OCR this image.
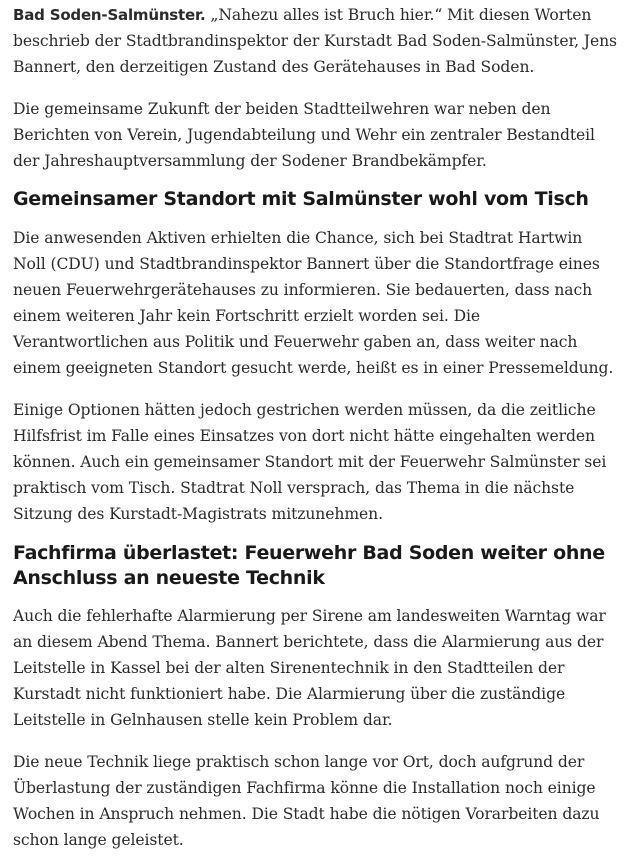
Bad Soden-Salmünster. „Nahezu alles ist Bruch hier.“ Mit diesen Worten beschrieb der Stadtbrandinspektor der Kurstadt Bad Soden-Salmünster, Jens Bannert, den derzeitigen Zustand des Gerätehauses in Bad Soden.

Die gemeinsame Zukunft der beiden Stadtteilwehren war neben den Berichten von Verein, Jugendabteilung und Wehr ein zentraler Bestandteil der Jahreshauptversammlung der Sodener Brandbekämpfer.

Gemeinsamer Standort mit Salmünster wohl vom Tisch

Die anwesenden Aktiven erhielten die Chance, sich bei Stadtrat Hartwin Noll (CDU) und Stadtbrandinspektor Bannert über die Standortfrage eines neuen Feuerwehrgerätehauses zu informieren. Sie bedauerten, dass nach einem weiteren Jahr kein Fortschritt erzielt worden sei. Die Verantwortlichen aus Politik und Feuerwehr gaben an, dass weiter nach einem geeigneten Standort gesucht werde, heißt es in einer Pressemeldung.

Einige Optionen hätten jedoch gestrichen werden müssen, da die zeitliche Hilfsfrist im Falle eines Einsatzes von dort nicht hätte eingehalten werden können. Auch ein gemeinsamer Standort mit der Feuerwehr Salmünster sei praktisch vom Tisch. Stadtrat Noll versprach, das Thema in die nächste Sitzung des Kurstadt-Magistrats mitzunehmen.

Fachfirma überlastet: Feuerwehr Bad Soden weiter ohne Anschluss an neueste Technik

Auch die fehlerhafte Alarmierung per Sirene am landesweiten Warntag war an diesem Abend Thema. Bannert berichtete, dass die Alarmierung aus der Leitstelle in Kassel bei der alten Sirenentechnik in den Stadtteilen der Kurstadt nicht funktioniert habe. Die Alarmierung über die zuständige Leitstelle in Gelnhausen stelle kein Problem dar.

Die neue Technik liege praktisch schon lange vor Ort, doch aufgrund der Überlastung der zuständigen Fachfirma könne die Installation noch einige Wochen in Anspruch nehmen. Die Stadt habe die nötigen Vorarbeiten dazu schon lange geleistet.
